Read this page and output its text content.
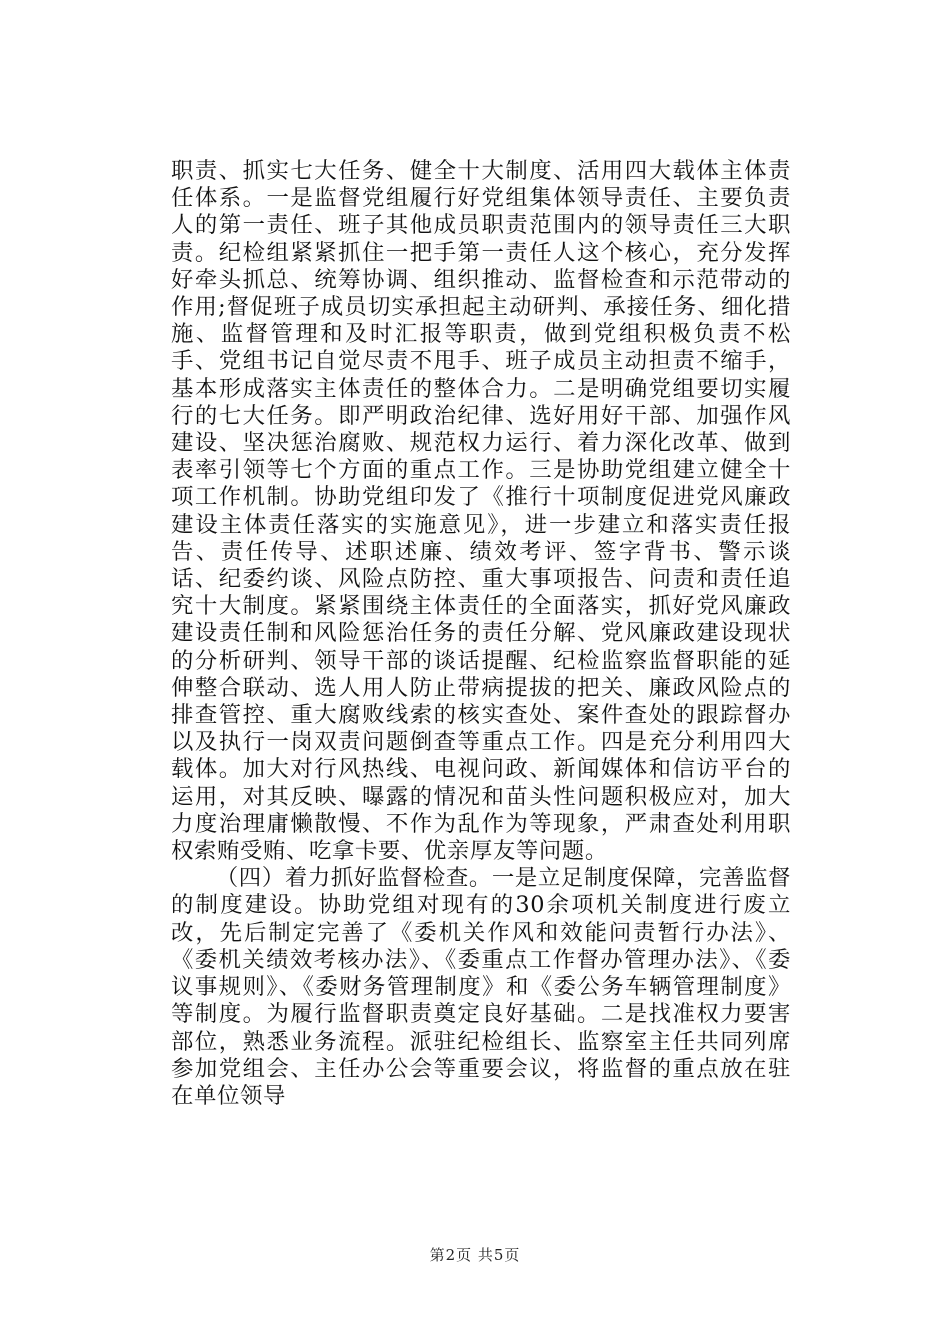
职责、抓实七大任务、健全十大制度、活用四大载体主体责任体系。一是监督党组履行好党组集体领导责任、主要负责人的第一责任、班子其他成员职责范围内的领导责任三大职责。纪检组紧紧抓住一把手第一责任人这个核心，充分发挥好牵头抓总、统筹协调、组织推动、监督检查和示范带动的作用;督促班子成员切实承担起主动研判、承接任务、细化措施、监督管理和及时汇报等职责，做到党组积极负责不松手、党组书记自觉尽责不甩手、班子成员主动担责不缩手，基本形成落实主体责任的整体合力。二是明确党组要切实履行的七大任务。即严明政治纪律、选好用好干部、加强作风建设、坚决惩治腐败、规范权力运行、着力深化改革、做到表率引领等七个方面的重点工作。三是协助党组建立健全十项工作机制。协助党组印发了《推行十项制度促进党风廉政建设主体责任落实的实施意见》，进一步建立和落实责任报告、责任传导、述职述廉、绩效考评、签字背书、警示谈话、纪委约谈、风险点防控、重大事项报告、问责和责任追究十大制度。紧紧围绕主体责任的全面落实，抓好党风廉政建设责任制和风险惩治任务的责任分解、党风廉政建设现状的分析研判、领导干部的谈话提醒、纪检监察监督职能的延伸整合联动、选人用人防止带病提拔的把关、廉政风险点的排查管控、重大腐败线索的核实查处、案件查处的跟踪督办以及执行一岗双责问题倒查等重点工作。四是充分利用四大载体。加大对行风热线、电视问政、新闻媒体和信访平台的运用，对其反映、曝露的情况和苗头性问题积极应对，加大力度治理庸懒散慢、不作为乱作为等现象，严肃查处利用职权索贿受贿、吃拿卡要、优亲厚友等问题。

（四）着力抓好监督检查。一是立足制度保障，完善监督的制度建设。协助党组对现有的30余项机关制度进行废立改，先后制定完善了《委机关作风和效能问责暂行办法》、《委机关绩效考核办法》、《委重点工作督办管理办法》、《委议事规则》、《委财务管理制度》和《委公务车辆管理制度》等制度。为履行监督职责奠定良好基础。二是找准权力要害部位，熟悉业务流程。派驻纪检组长、监察室主任共同列席参加党组会、主任办公会等重要会议，将监督的重点放在驻在单位领导

第2页 共5页
